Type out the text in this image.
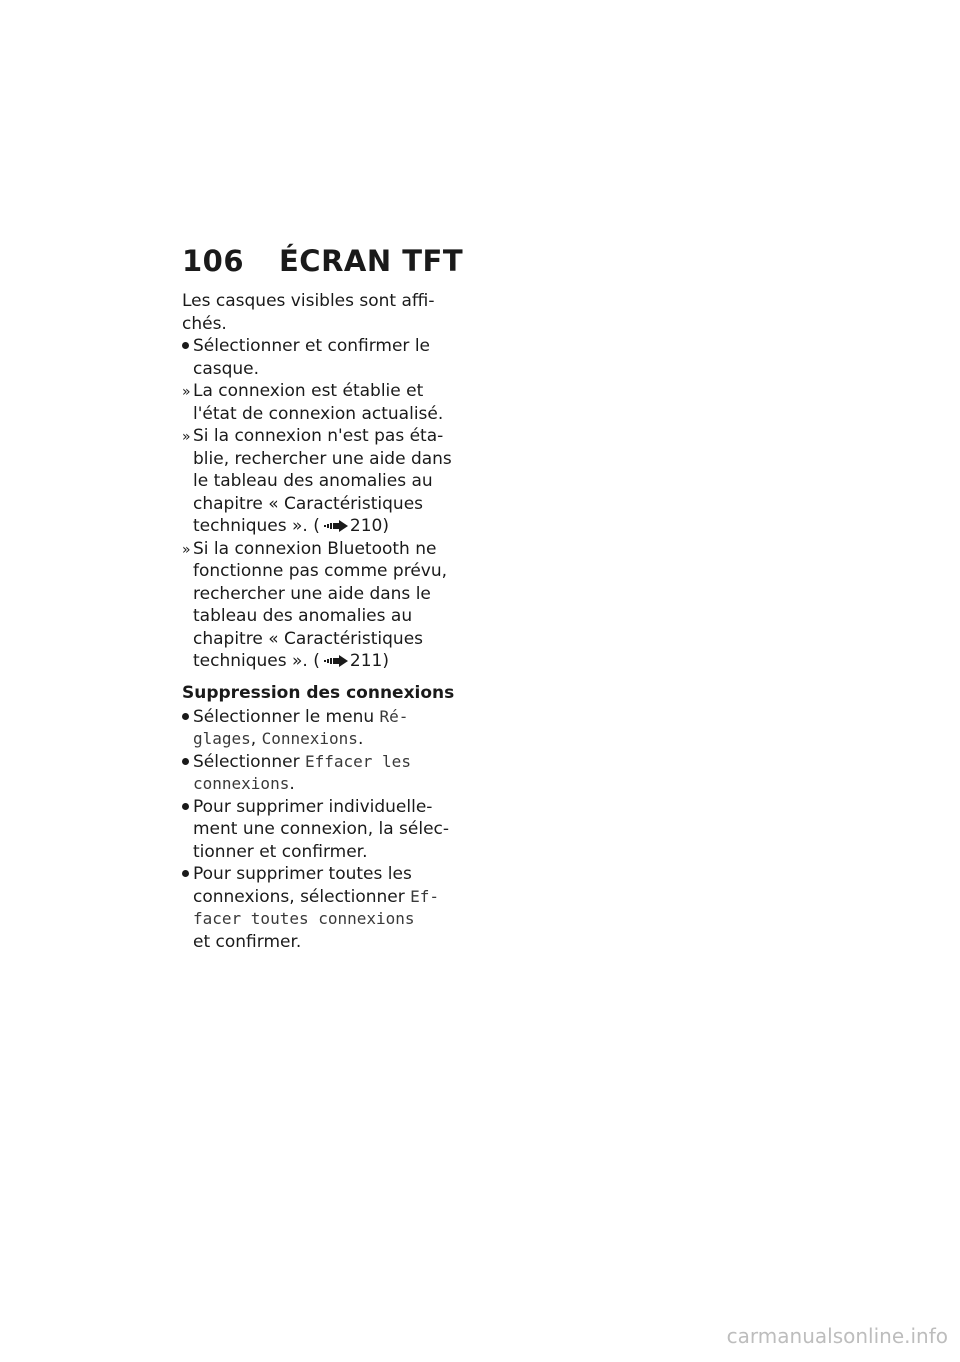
106 ÉCRAN TFT
Les casques visibles sont affi-
chés.
Sélectionner et confirmer le
casque.
» La connexion est établie et
l'état de connexion actualisé.
» Si la connexion n'est pas éta-
blie, rechercher une aide dans
le tableau des anomalies au
chapitre « Caractéristiques
techniques ». ( 210)
» Si la connexion Bluetooth ne
fonctionne pas comme prévu,
rechercher une aide dans le
tableau des anomalies au
chapitre « Caractéristiques
techniques ». ( 211)
Suppression des connexions
Sélectionner le menu Ré-
glages, Connexions.
Sélectionner Effacer les
connexions.
Pour supprimer individuelle-
ment une connexion, la sélec-
tionner et confirmer.
Pour supprimer toutes les
connexions, sélectionner Ef-
facer toutes connexions
et confirmer.
carmanualsonline.info
